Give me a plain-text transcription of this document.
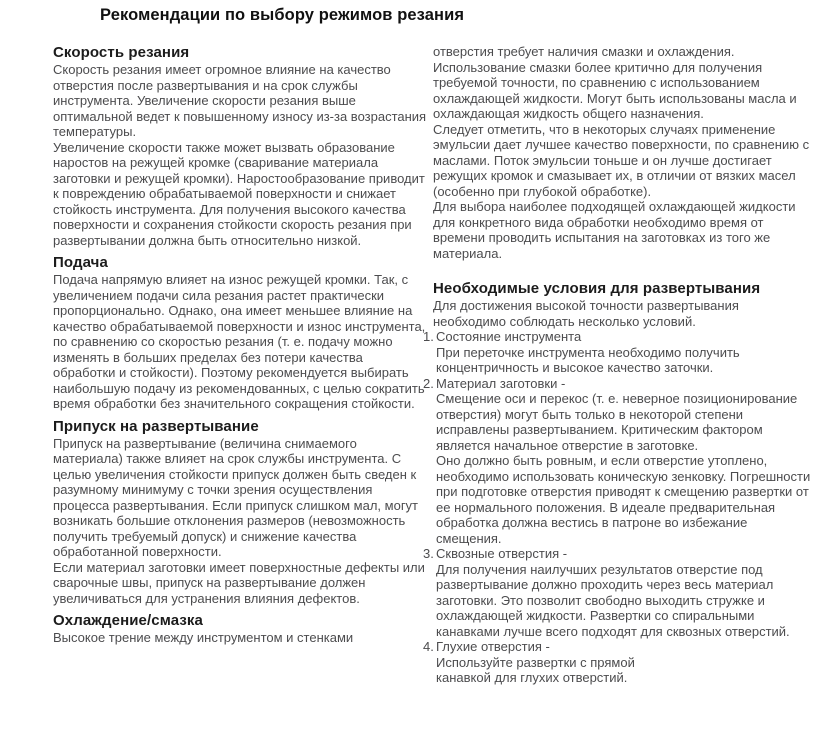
Рекомендации по выбору режимов резания
Скорость резания

Скорость резания имеет огромное влияние на качество отверстия после развертывания и на срок службы инструмента. Увеличение скорости резания выше оптимальной ведет к повышенному износу из-за возрастания температуры.

Увеличение скорости также может вызвать образование наростов на режущей кромке (сваривание материала заготовки и режущей кромки). Наростообразование приводит к повреждению обрабатываемой поверхности и снижает стойкость инструмента. Для получения высокого качества поверхности и сохранения стойкости скорость резания при развертывании должна быть относительно низкой.

Подача

Подача напрямую влияет на износ режущей кромки. Так, с увеличением подачи сила резания растет практически пропорционально. Однако, она имеет меньшее влияние на качество обрабатываемой поверхности и износ инструмента, по сравнению со скоростью резания (т. е. подачу можно изменять в больших пределах без потери качества обработки и стойкости). Поэтому рекомендуется выбирать наибольшую подачу из рекомендованных, с целью сократить время обработки без значительного сокращения стойкости.

Припуск на развертывание

Припуск на развертывание (величина снимаемого материала) также влияет на срок службы инструмента. С целью увеличения стойкости припуск должен быть сведен к разумному минимуму с точки зрения осуществления процесса развертывания. Если припуск слишком мал, могут возникать большие отклонения размеров (невозможность получить требуемый допуск) и снижение качества обработанной поверхности.

Если материал заготовки имеет поверхностные дефекты или сварочные швы, припуск на развертывание должен увеличиваться для устранения влияния дефектов.

Охлаждение/смазка

Высокое трение между инструментом и стенками

отверстия требует наличия смазки и охлаждения. Использование смазки более критично для получения требуемой точности, по сравнению с использованием охлаждающей жидкости. Могут быть использованы масла и охлаждающая жидкость общего назначения.

Следует отметить, что в некоторых случаях применение эмульсии дает лучшее качество поверхности, по сравнению с маслами. Поток эмульсии тоньше и он лучше достигает режущих кромок и смазывает их, в отличии от вязких масел (особенно при глубокой обработке).

Для выбора наиболее подходящей охлаждающей жидкости для конкретного вида обработки необходимо время от времени проводить испытания на заготовках из того же материала.

Необходимые условия для развертывания

Для достижения высокой точности развертывания необходимо соблюдать несколько условий.

1. Состояние инструмента

При переточке инструмента необходимо получить концентричность и высокое качество заточки.

2. Материал заготовки -

Смещение оси и перекос (т. е. неверное позиционирование отверстия) могут быть только в некоторой степени исправлены развертыванием. Критическим фактором является начальное отверстие в заготовке.

Оно должно быть ровным, и если отверстие утоплено, необходимо использовать коническую зенковку. Погрешности при подготовке отверстия приводят к смещению развертки от ее нормального положения. В идеале предварительная обработка должна вестись в патроне во избежание смещения.

3. Сквозные отверстия -

Для получения наилучших результатов отверстие под развертывание должно проходить через весь материал заготовки. Это позволит свободно выходить стружке и охлаждающей жидкости. Развертки со спиральными канавками лучше всего подходят для сквозных отверстий.

4. Глухие отверстия -

Используйте развертки с прямой

канавкой для глухих отверстий.
